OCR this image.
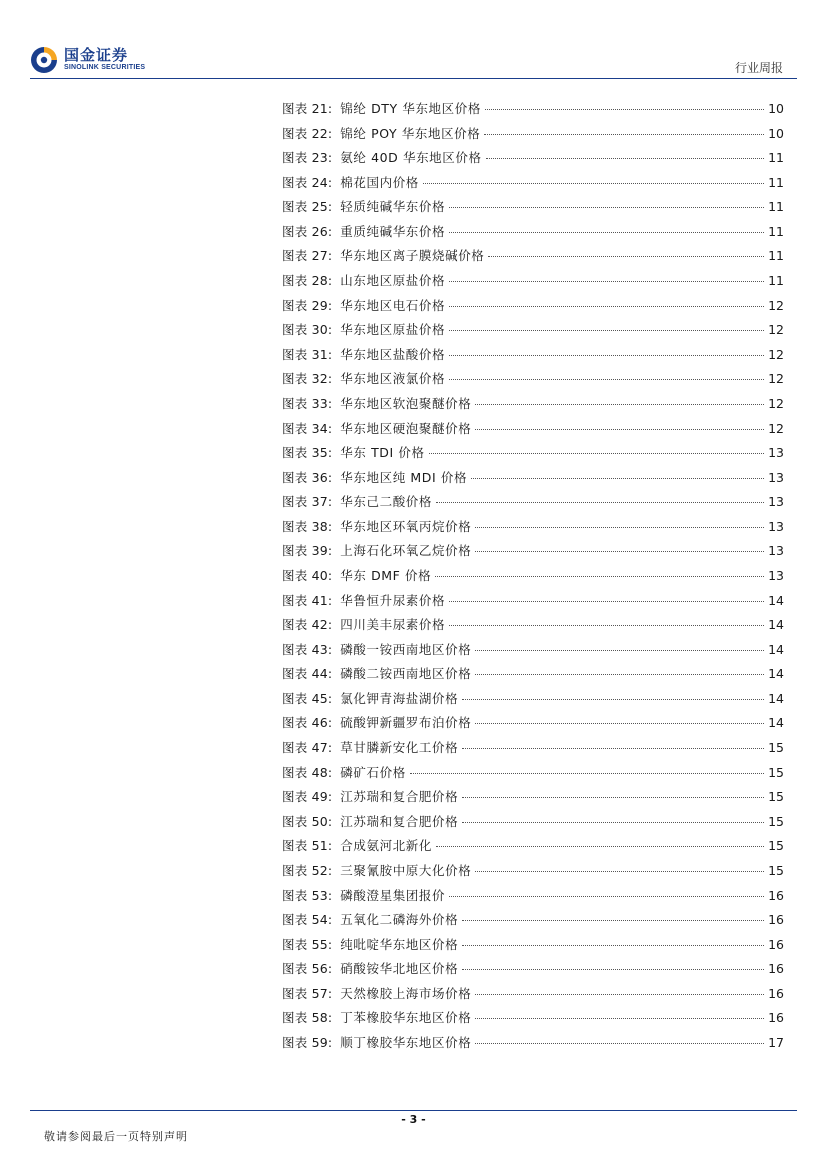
国金证券
SINOLINK SECURITIES	行业周报
图表 21: 锦纶 DTY 华东地区价格	10
图表 22: 锦纶 POY 华东地区价格	10
图表 23: 氨纶 40D 华东地区价格	11
图表 24: 棉花国内价格	11
图表 25: 轻质纯碱华东价格	11
图表 26: 重质纯碱华东价格	11
图表 27: 华东地区离子膜烧碱价格	11
图表 28: 山东地区原盐价格	11
图表 29: 华东地区电石价格	12
图表 30: 华东地区原盐价格	12
图表 31: 华东地区盐酸价格	12
图表 32: 华东地区液氯价格	12
图表 33: 华东地区软泡聚醚价格	12
图表 34: 华东地区硬泡聚醚价格	12
图表 35: 华东 TDI 价格	13
图表 36: 华东地区纯 MDI 价格	13
图表 37: 华东己二酸价格	13
图表 38: 华东地区环氧丙烷价格	13
图表 39: 上海石化环氧乙烷价格	13
图表 40: 华东 DMF 价格	13
图表 41: 华鲁恒升尿素价格	14
图表 42: 四川美丰尿素价格	14
图表 43: 磷酸一铵西南地区价格	14
图表 44: 磷酸二铵西南地区价格	14
图表 45: 氯化钾青海盐湖价格	14
图表 46: 硫酸钾新疆罗布泊价格	14
图表 47: 草甘膦新安化工价格	15
图表 48: 磷矿石价格	15
图表 49: 江苏瑞和复合肥价格	15
图表 50: 江苏瑞和复合肥价格	15
图表 51: 合成氨河北新化	15
图表 52: 三聚氰胺中原大化价格	15
图表 53: 磷酸澄星集团报价	16
图表 54: 五氧化二磷海外价格	16
图表 55: 纯吡啶华东地区价格	16
图表 56: 硝酸铵华北地区价格	16
图表 57: 天然橡胶上海市场价格	16
图表 58: 丁苯橡胶华东地区价格	16
图表 59: 顺丁橡胶华东地区价格	17
- 3 -
敬请参阅最后一页特别声明
